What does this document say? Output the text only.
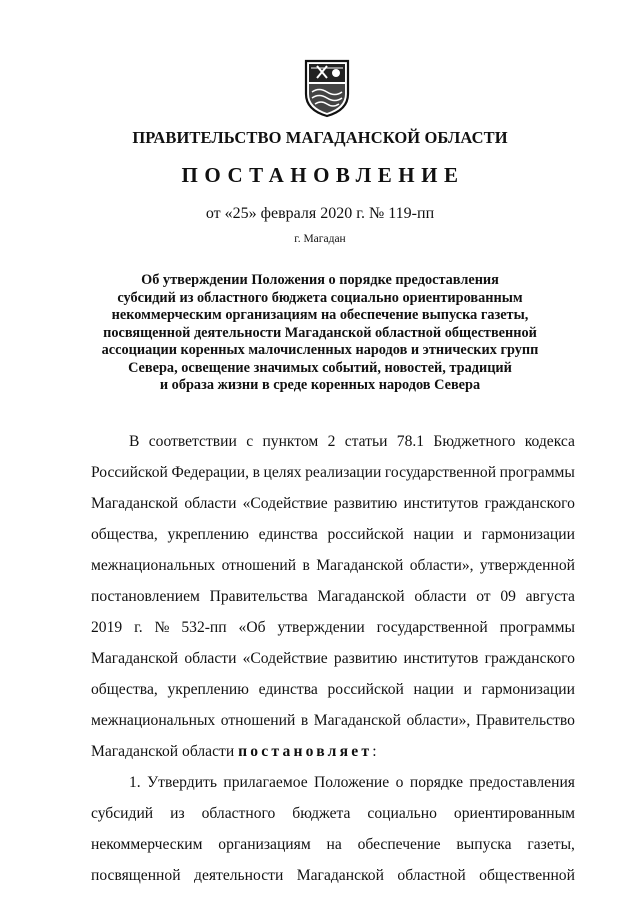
ПРАВИТЕЛЬСТВО МАГАДАНСКОЙ ОБЛАСТИ
ПОСТАНОВЛЕНИЕ
от «25» февраля 2020 г. № 119-пп
г. Магадан
Об утверждении Положения о порядке предоставления
субсидий из областного бюджета социально ориентированным
некоммерческим организациям на обеспечение выпуска газеты,
посвященной деятельности Магаданской областной общественной
ассоциации коренных малочисленных народов и этнических групп
Севера, освещение значимых событий, новостей, традиций
и образа жизни в среде коренных народов Севера
В соответствии с пунктом 2 статьи 78.1 Бюджетного кодекса
Российской Федерации, в целях реализации государственной программы
Магаданской области «Содействие развитию институтов гражданского
общества, укреплению единства российской нации и гармонизации
межнациональных отношений в Магаданской области», утвержденной
постановлением Правительства Магаданской области от 09 августа
2019 г. № 532-пп «Об утверждении государственной программы
Магаданской области «Содействие развитию институтов гражданского
общества, укреплению единства российской нации и гармонизации
межнациональных отношений в Магаданской области», Правительство
Магаданской области постановляет:
1. Утвердить прилагаемое Положение о порядке предоставления
субсидий из областного бюджета социально ориентированным
некоммерческим организациям на обеспечение выпуска газеты,
посвященной деятельности Магаданской областной общественной
